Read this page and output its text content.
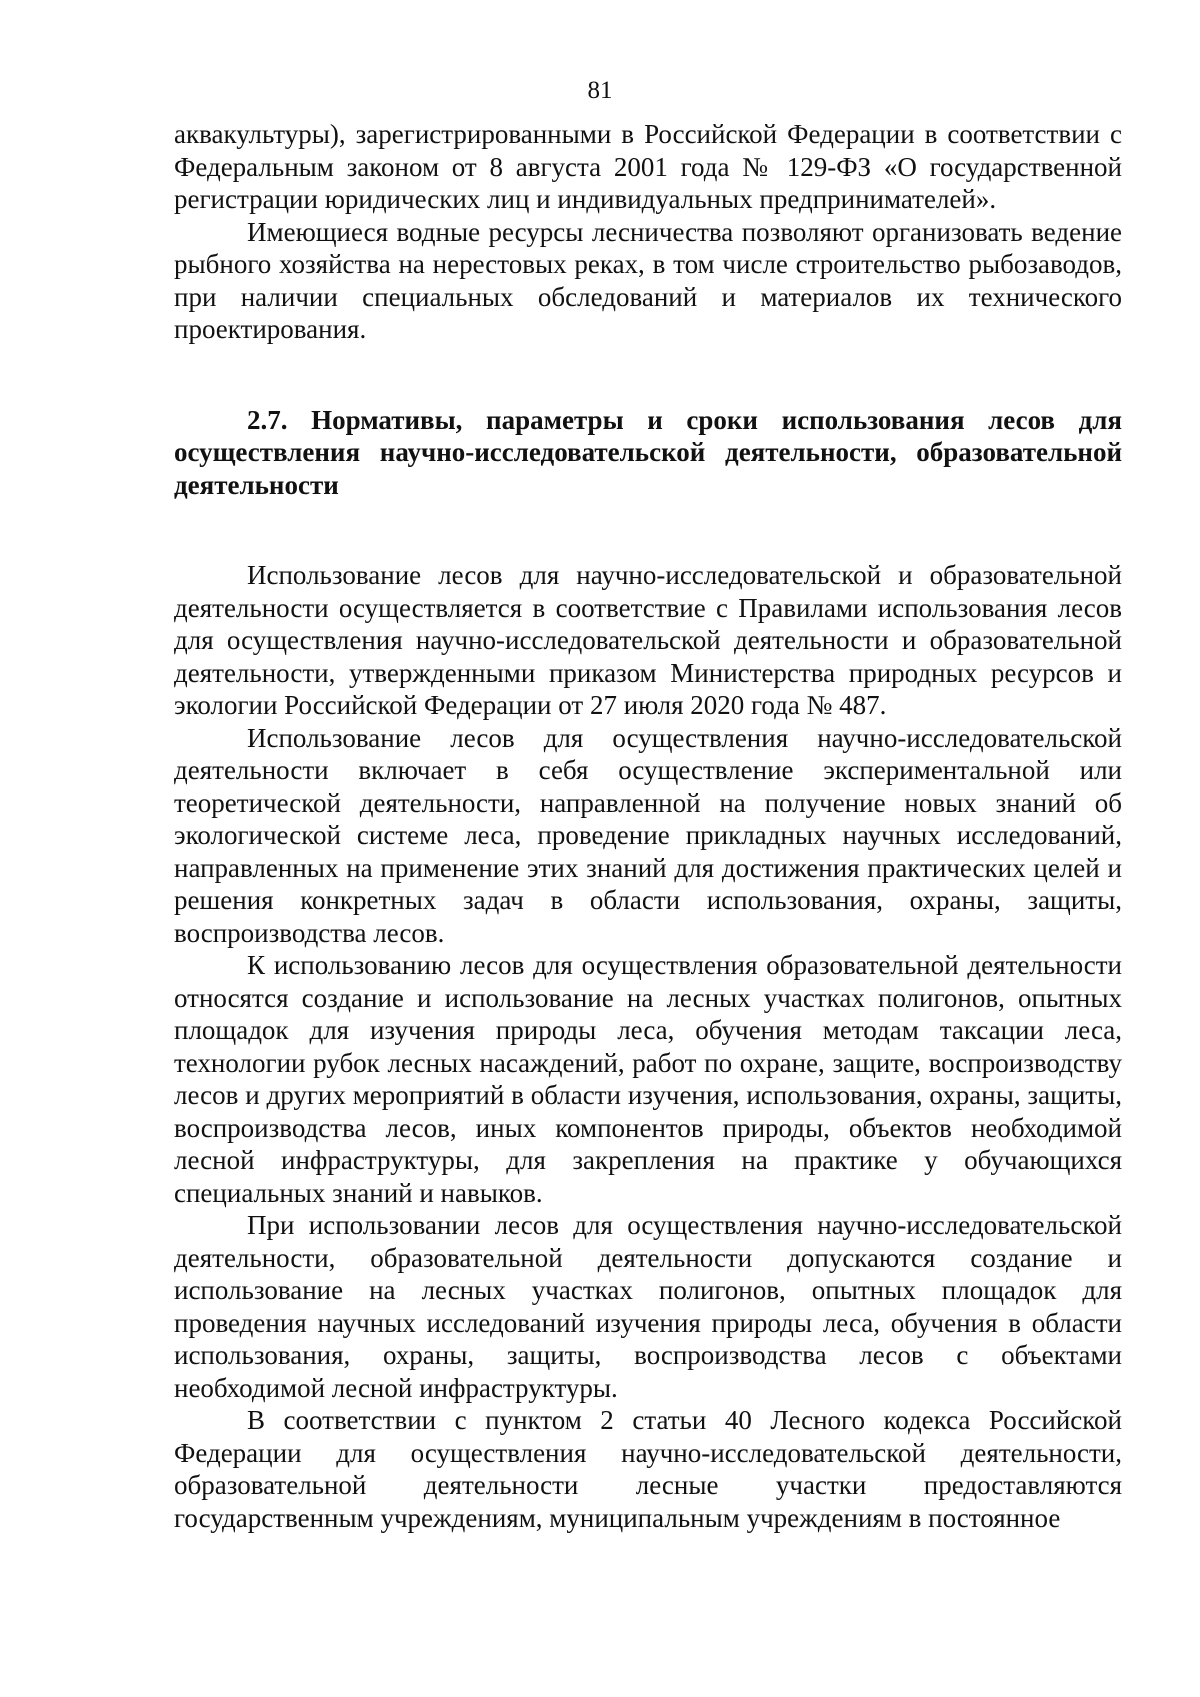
81

аквакультуры), зарегистрированными в Российской Федерации в соответствии с Федеральным законом от 8 августа 2001 года № 129-ФЗ «О государственной регистрации юридических лиц и индивидуальных предпринимателей».

Имеющиеся водные ресурсы лесничества позволяют организовать ведение рыбного хозяйства на нерестовых реках, в том числе строительство рыбозаводов, при наличии специальных обследований и материалов их технического проектирования.

2.7. Нормативы, параметры и сроки использования лесов для осуществления научно-исследовательской деятельности, образовательной деятельности

Использование лесов для научно-исследовательской и образовательной деятельности осуществляется в соответствие с Правилами использования лесов для осуществления научно-исследовательской деятельности и образовательной деятельности, утвержденными приказом Министерства природных ресурсов и экологии Российской Федерации от 27 июля 2020 года № 487.

Использование лесов для осуществления научно-исследовательской деятельности включает в себя осуществление экспериментальной или теоретической деятельности, направленной на получение новых знаний об экологической системе леса, проведение прикладных научных исследований, направленных на применение этих знаний для достижения практических целей и решения конкретных задач в области использования, охраны, защиты, воспроизводства лесов.

К использованию лесов для осуществления образовательной деятельности относятся создание и использование на лесных участках полигонов, опытных площадок для изучения природы леса, обучения методам таксации леса, технологии рубок лесных насаждений, работ по охране, защите, воспроизводству лесов и других мероприятий в области изучения, использования, охраны, защиты, воспроизводства лесов, иных компонентов природы, объектов необходимой лесной инфраструктуры, для закрепления на практике у обучающихся специальных знаний и навыков.

При использовании лесов для осуществления научно-исследовательской деятельности, образовательной деятельности допускаются создание и использование на лесных участках полигонов, опытных площадок для проведения научных исследований изучения природы леса, обучения в области использования, охраны, защиты, воспроизводства лесов с объектами необходимой лесной инфраструктуры.

В соответствии с пунктом 2 статьи 40 Лесного кодекса Российской Федерации для осуществления научно-исследовательской деятельности, образовательной деятельности лесные участки предоставляются государственным учреждениям, муниципальным учреждениям в постоянное
